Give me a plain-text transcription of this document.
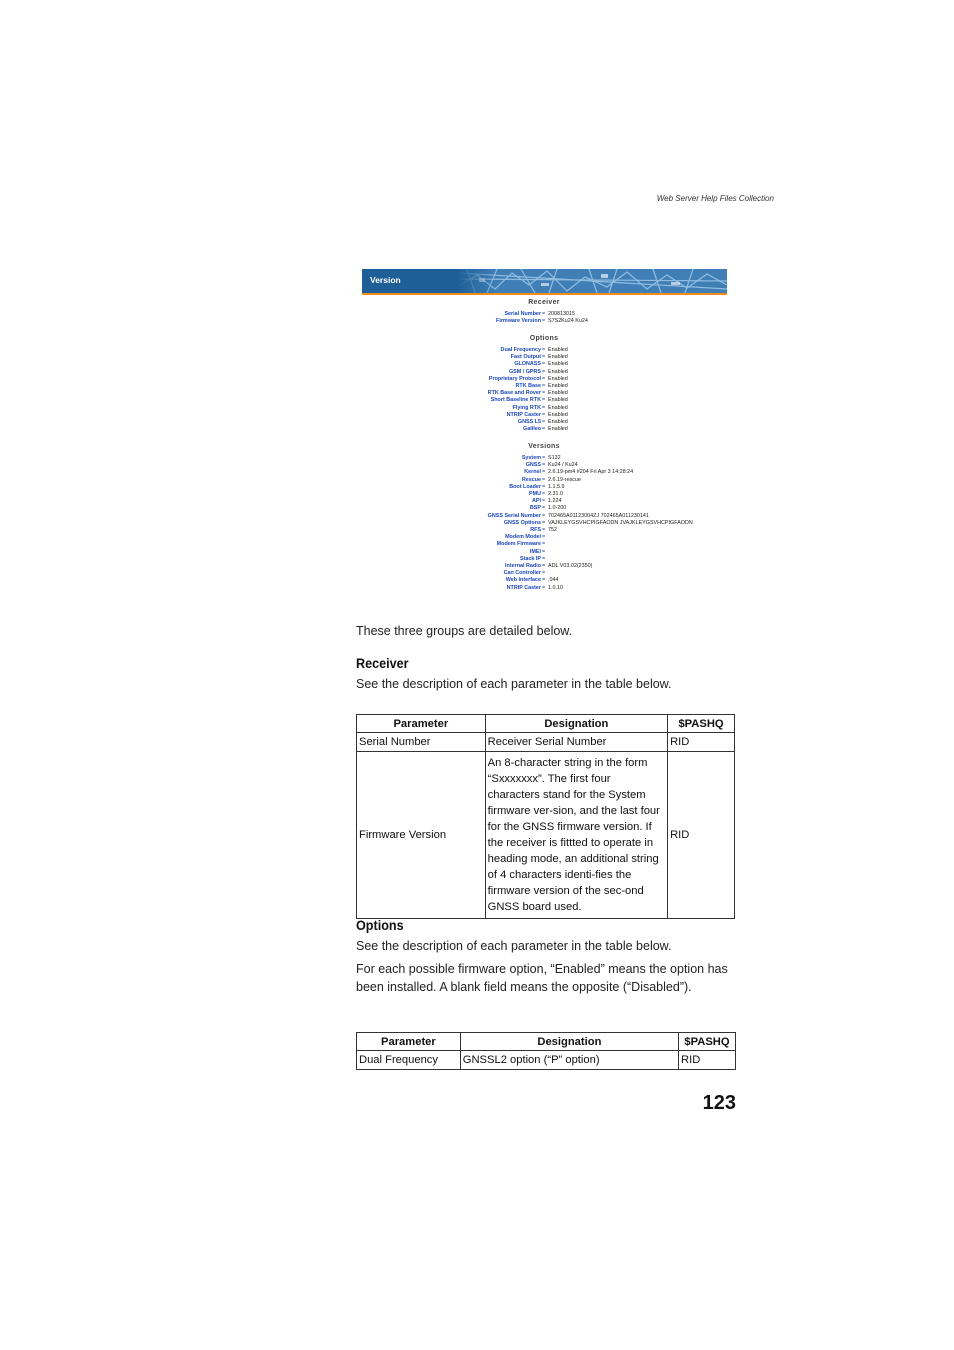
Web Server Help Files Collection
Version
Receiver
Serial Number = 200813015
Firmware Version = S7S2Ku24 Ku24
Options
Dual Frequency = Enabled
Fast Output = Enabled
GLONASS = Enabled
GSM / GPRS = Enabled
Proprietary Protocol = Enabled
RTK Base = Enabled
RTK Base and Rover = Enabled
Short Baseline RTK = Enabled
Flying RTK = Enabled
NTRIP Caster = Enabled
GNSS L5 = Enabled
Galileo = Enabled
Versions
System = S132
GNSS = Ku24 / Ku24
Kernel = 2.6.19-pm4 #204 Fri Apr 3 14:28:24
Rescue = 2.6.19-rescue
Boot Loader = 1.1.5.9
PMU = 2.31.0
API = 1.224
BSP = 1.0-200
GNSS Serial Number = 702465A01123004ZJ 702465A011230141
GNSS Options = VAJKLEYGSVHCPIGFAODN JVAJKLEYGSVHCPIGFAODN
RFS = 752
Modem Model =
Modem Firmware =
IMEI =
Stack IP =
Internal Radio = ADL V03.02(2350)
Can Controller =
Web Interface = .044
NTRIP Caster = 1.0.10
These three groups are detailed below.
Receiver
See the description of each parameter in the table below.
Parameter	Designation	$PASHQ
Serial Number	Receiver Serial Number	RID
Firmware Version	An 8-character string in the form “Sxxxxxxx”. The first four characters stand for the System firmware ver-sion, and the last four for the GNSS firmware version. If the receiver is fittted to operate in heading mode, an additional string of 4 characters identi-fies the firmware version of the sec-ond GNSS board used.	RID
Options
See the description of each parameter in the table below.
For each possible firmware option, “Enabled” means the option has been installed. A blank field means the opposite (“Disabled”).
Parameter	Designation	$PASHQ
Dual Frequency	GNSSL2 option (“P” option)	RID
123
